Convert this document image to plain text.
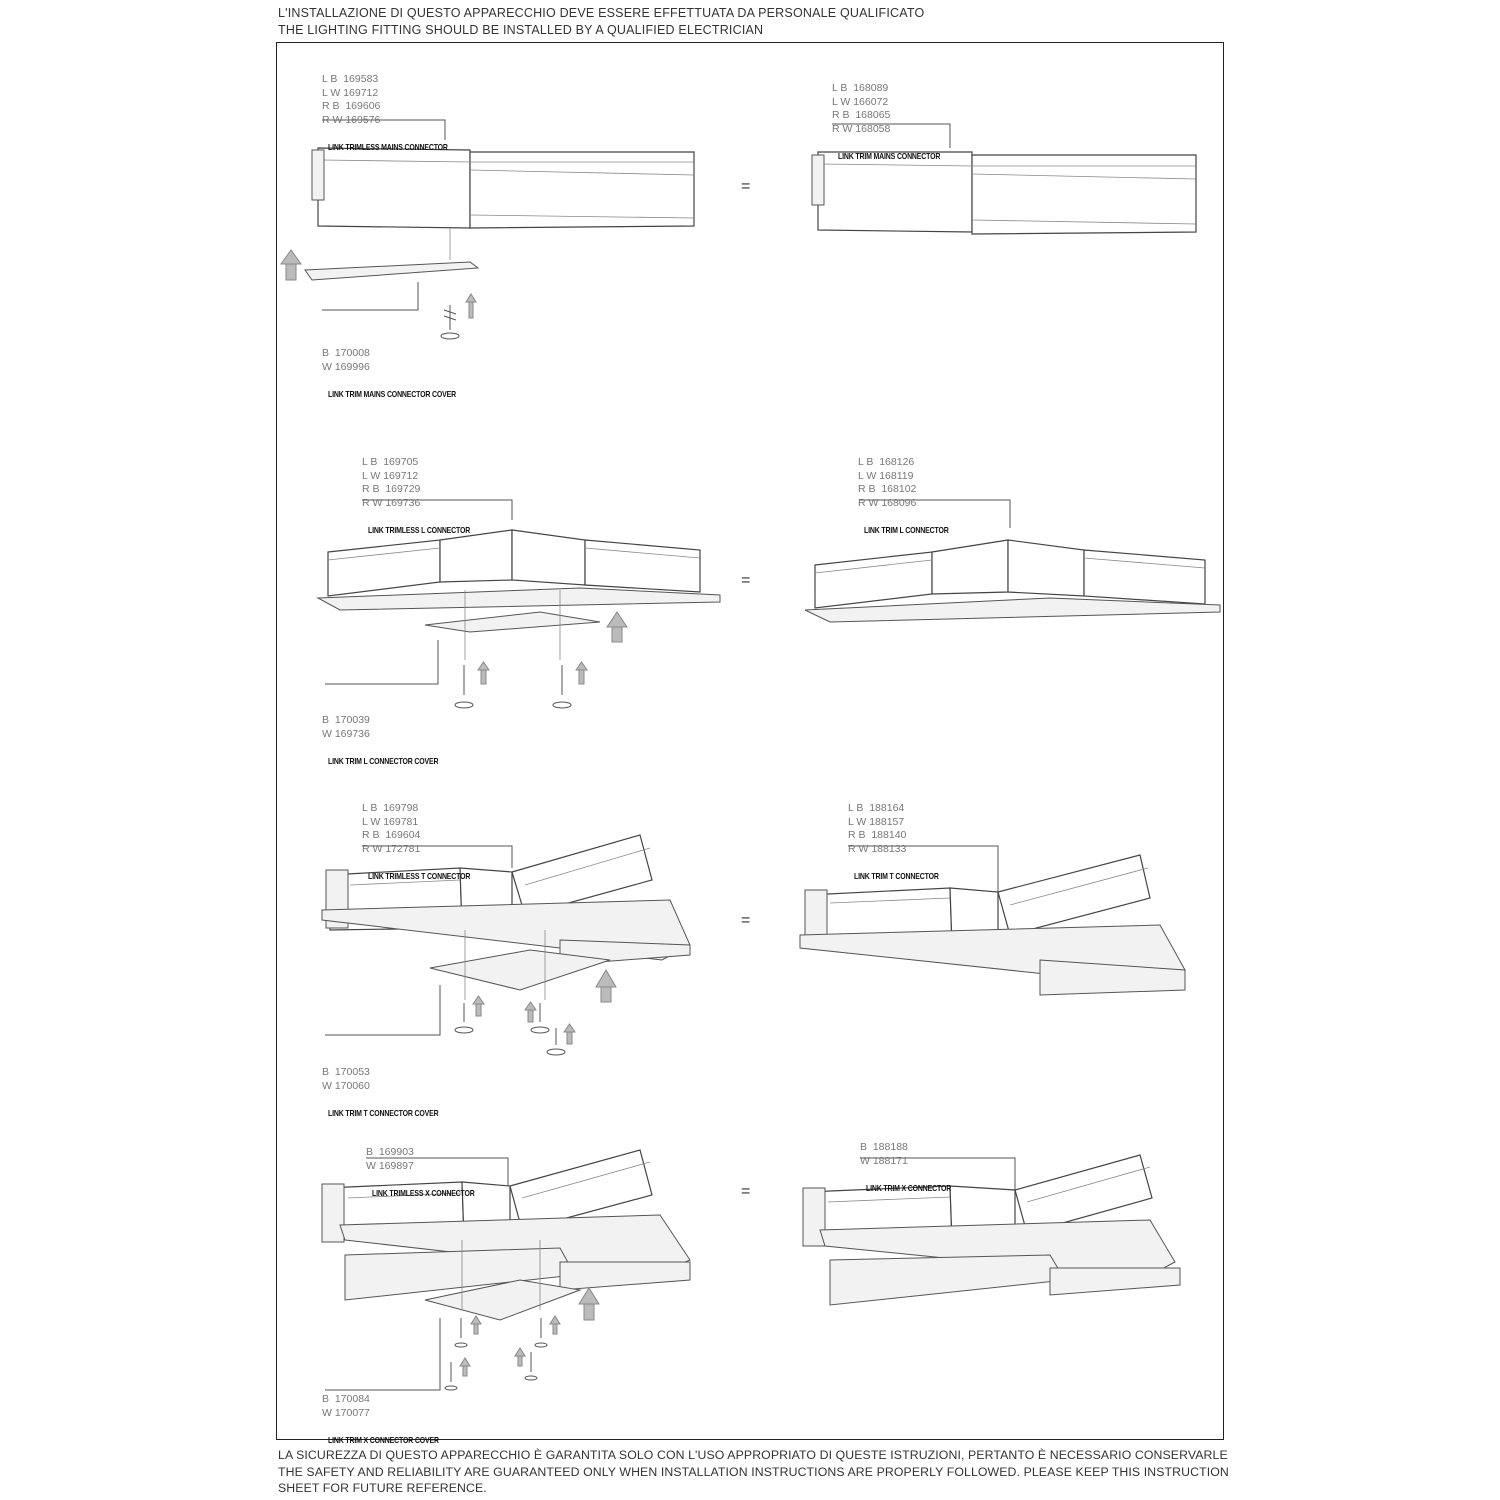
L'INSTALLAZIONE DI QUESTO APPARECCHIO DEVE ESSERE EFFETTUATA DA PERSONALE QUALIFICATO
THE LIGHTING FITTING SHOULD BE INSTALLED BY A QUALIFIED ELECTRICIAN

L B  169583
L W 169712
R B  169606
R W 169576

LINK TRIMLESS MAINS CONNECTOR

B  170008
W 169996

LINK TRIM MAINS CONNECTOR COVER

=

L B  168089
L W 166072
R B  168065
R W 168058

LINK TRIM MAINS CONNECTOR

L B  169705
L W 169712
R B  169729
R W 169736

LINK TRIMLESS L CONNECTOR

B  170039
W 169736

LINK TRIM L CONNECTOR COVER

=

L B  168126
L W 168119
R B  168102
R W 168096

LINK TRIM L CONNECTOR

L B  169798
L W 169781
R B  169604
R W 172781

LINK TRIMLESS T CONNECTOR

B  170053
W 170060

LINK TRIM T CONNECTOR COVER

=

L B  188164
L W 188157
R B  188140
R W 188133

LINK TRIM T CONNECTOR

B  169903
W 169897

LINK TRIMLESS X CONNECTOR

B  170084
W 170077

LINK TRIM X CONNECTOR COVER

=

B  188188
W 188171

LINK TRIM X CONNECTOR

LA SICUREZZA DI QUESTO APPARECCHIO È GARANTITA SOLO CON L'USO APPROPRIATO DI QUESTE ISTRUZIONI, PERTANTO È NECESSARIO CONSERVARLE
THE SAFETY AND RELIABILITY ARE GUARANTEED ONLY WHEN INSTALLATION INSTRUCTIONS ARE PROPERLY FOLLOWED. PLEASE KEEP THIS INSTRUCTION
SHEET FOR FUTURE REFERENCE.
